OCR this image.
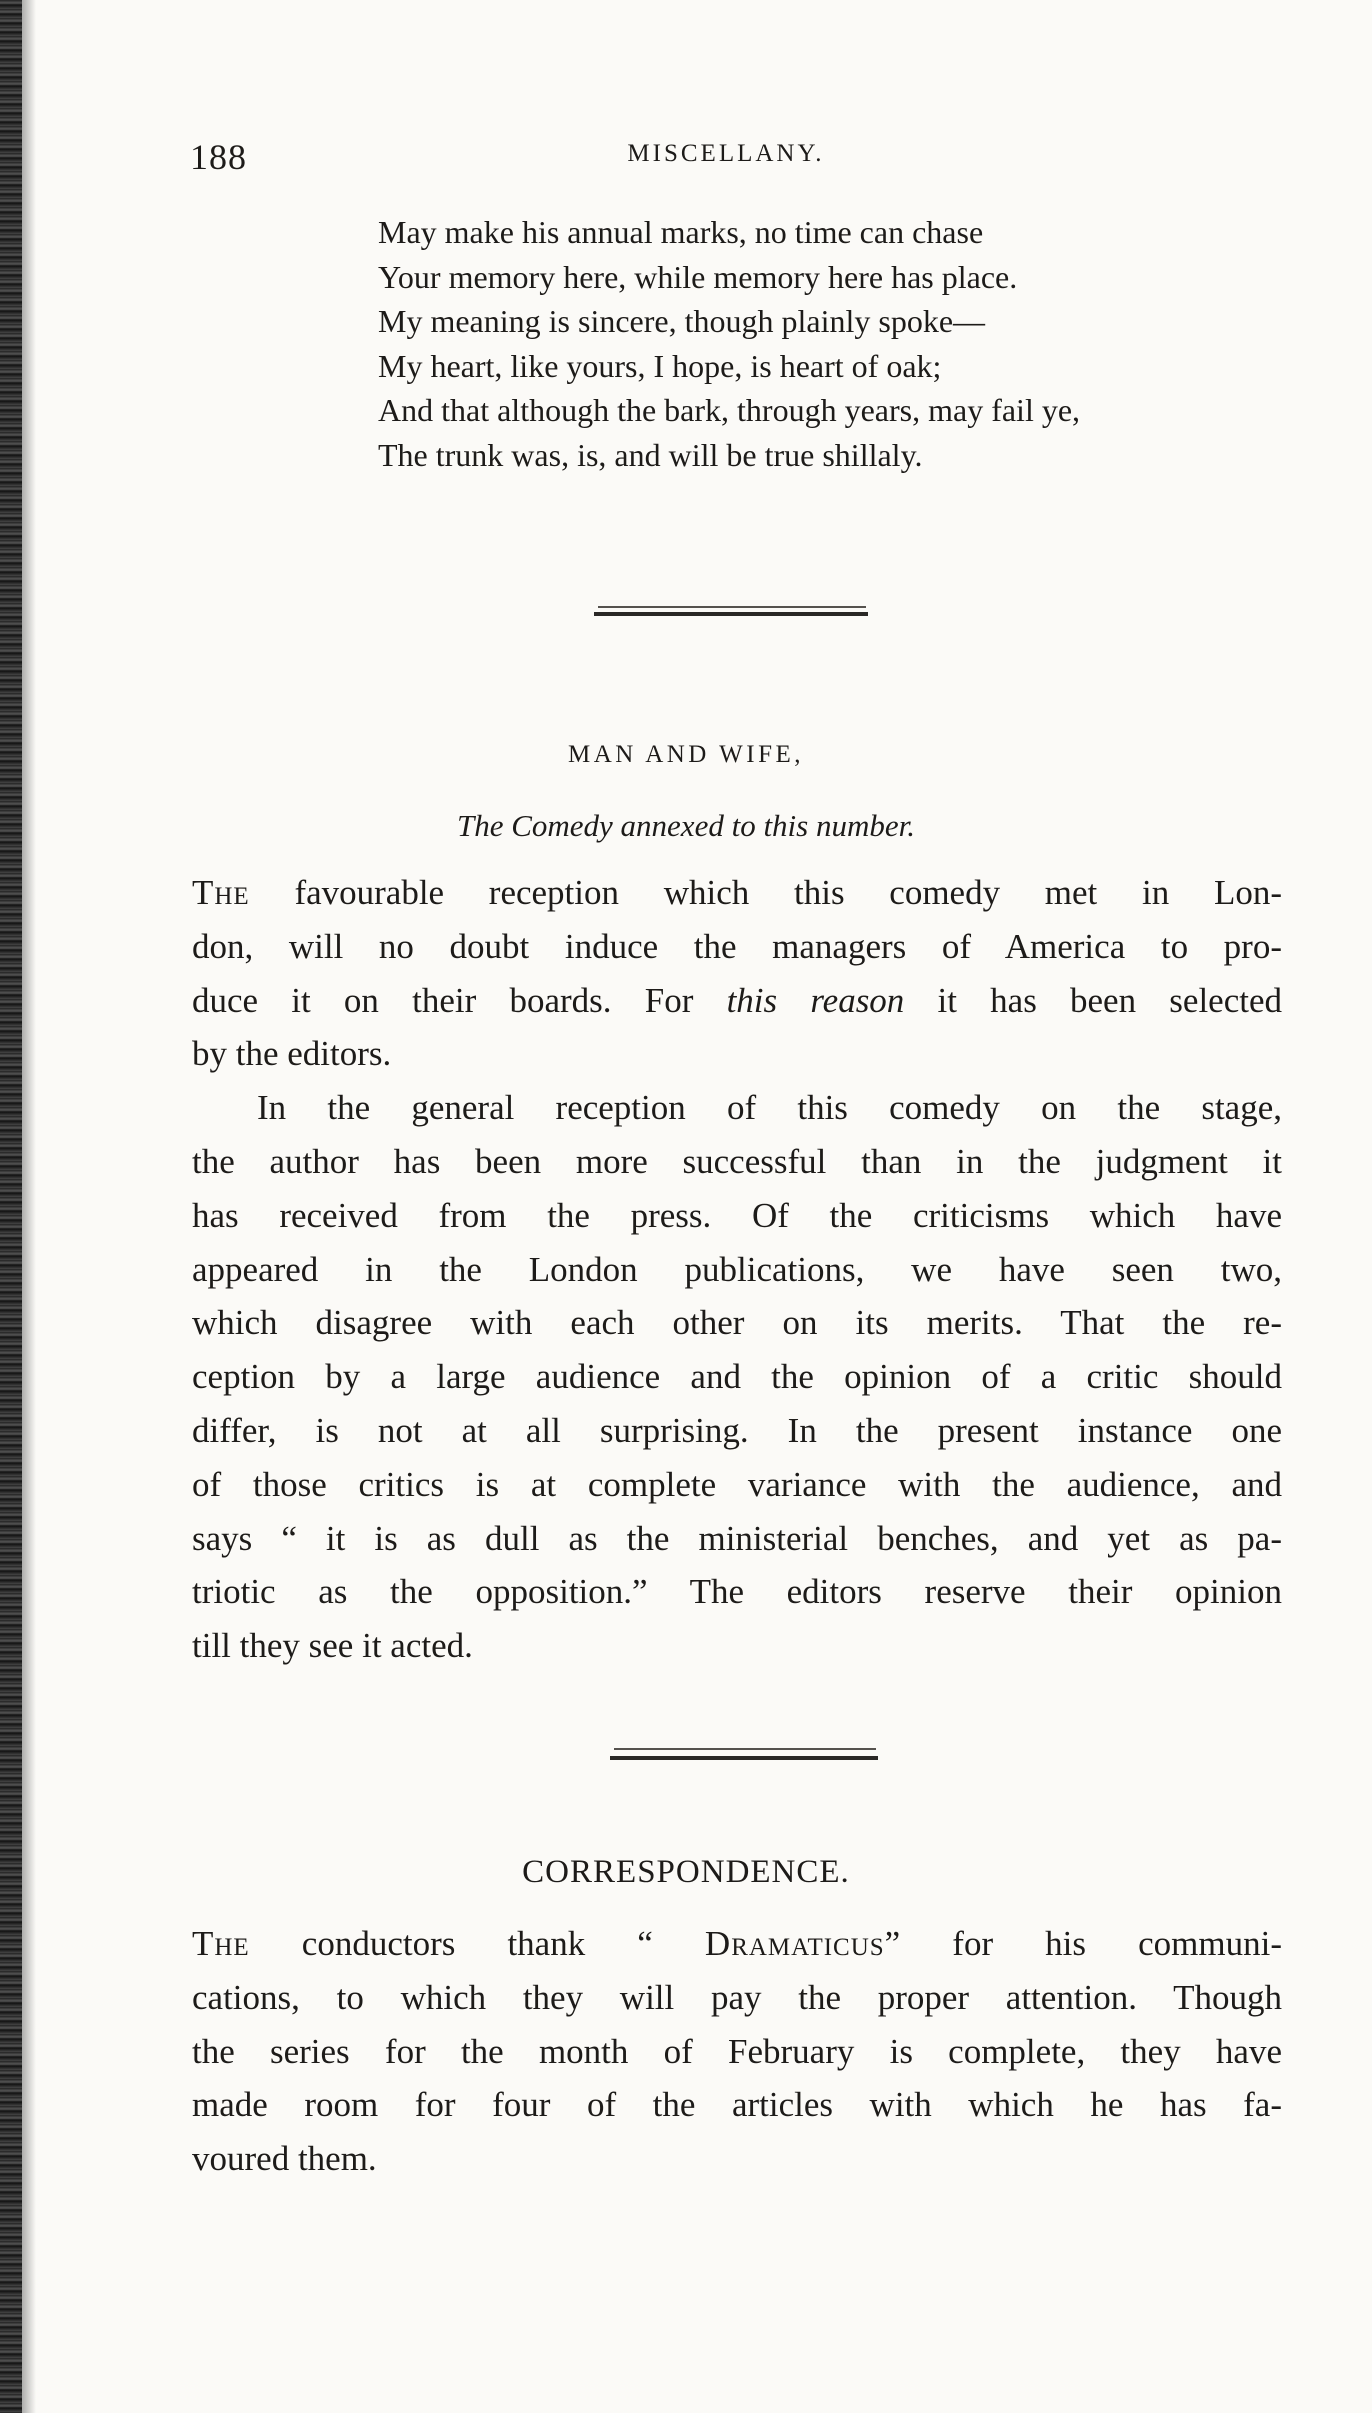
188	MISCELLANY.
May make his annual marks, no time can chase
Your memory here, while memory here has place.
My meaning is sincere, though plainly spoke—
My heart, like yours, I hope, is heart of oak;
And that although the bark, through years, may fail ye,
The trunk was, is, and will be true shillaly.
MAN AND WIFE,
The Comedy annexed to this number.
The favourable reception which this comedy met in Lon-
don, will no doubt induce the managers of America to pro-
duce it on their boards. For this reason it has been selected
by the editors.
In the general reception of this comedy on the stage,
the author has been more successful than in the judgment it
has received from the press. Of the criticisms which have
appeared in the London publications, we have seen two,
which disagree with each other on its merits. That the re-
ception by a large audience and the opinion of a critic should
differ, is not at all surprising. In the present instance one
of those critics is at complete variance with the audience, and
says “ it is as dull as the ministerial benches, and yet as pa-
triotic as the opposition.” The editors reserve their opinion
till they see it acted.
CORRESPONDENCE.
The conductors thank “ Dramaticus” for his communi-
cations, to which they will pay the proper attention. Though
the series for the month of February is complete, they have
made room for four of the articles with which he has fa-
voured them.
